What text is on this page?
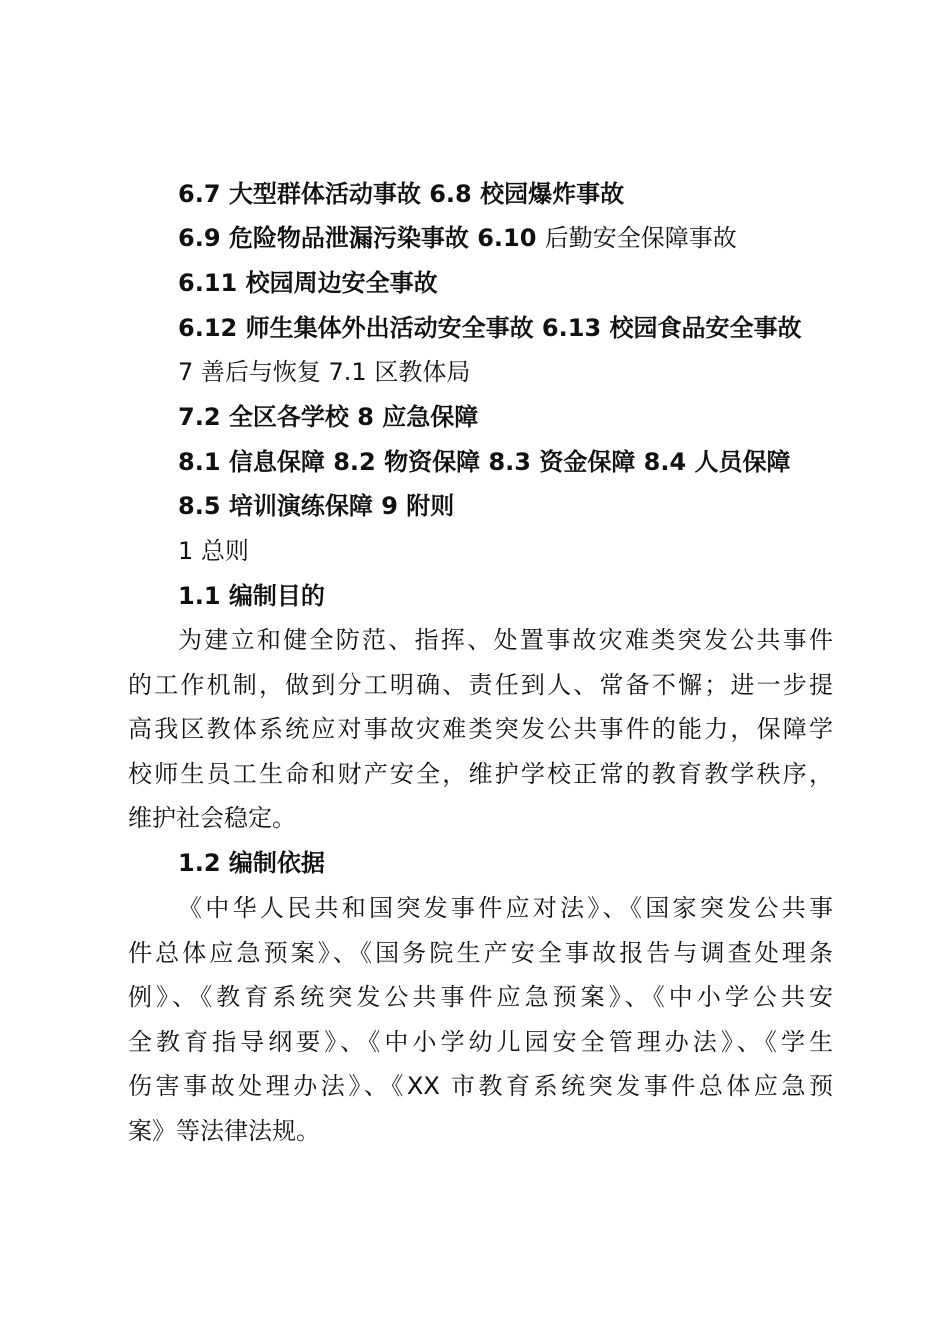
6.7 大型群体活动事故 6.8 校园爆炸事故
6.9 危险物品泄漏污染事故 6.10 后勤安全保障事故
6.11 校园周边安全事故
6.12 师生集体外出活动安全事故 6.13 校园食品安全事故
7 善后与恢复 7.1 区教体局
7.2 全区各学校 8 应急保障
8.1 信息保障 8.2 物资保障 8.3 资金保障 8.4 人员保障
8.5 培训演练保障 9 附则
1 总则
1.1 编制目的
为建立和健全防范、指挥、处置事故灾难类突发公共事件
的工作机制，做到分工明确、责任到人、常备不懈；进一步提
高我区教体系统应对事故灾难类突发公共事件的能力，保障学
校师生员工生命和财产安全，维护学校正常的教育教学秩序，
维护社会稳定。
1.2 编制依据
《中华人民共和国突发事件应对法》、《国家突发公共事
件总体应急预案》、《国务院生产安全事故报告与调查处理条
例》、《教育系统突发公共事件应急预案》、《中小学公共安
全教育指导纲要》、《中小学幼儿园安全管理办法》、《学生
伤害事故处理办法》、《XX 市教育系统突发事件总体应急预
案》等法律法规。
